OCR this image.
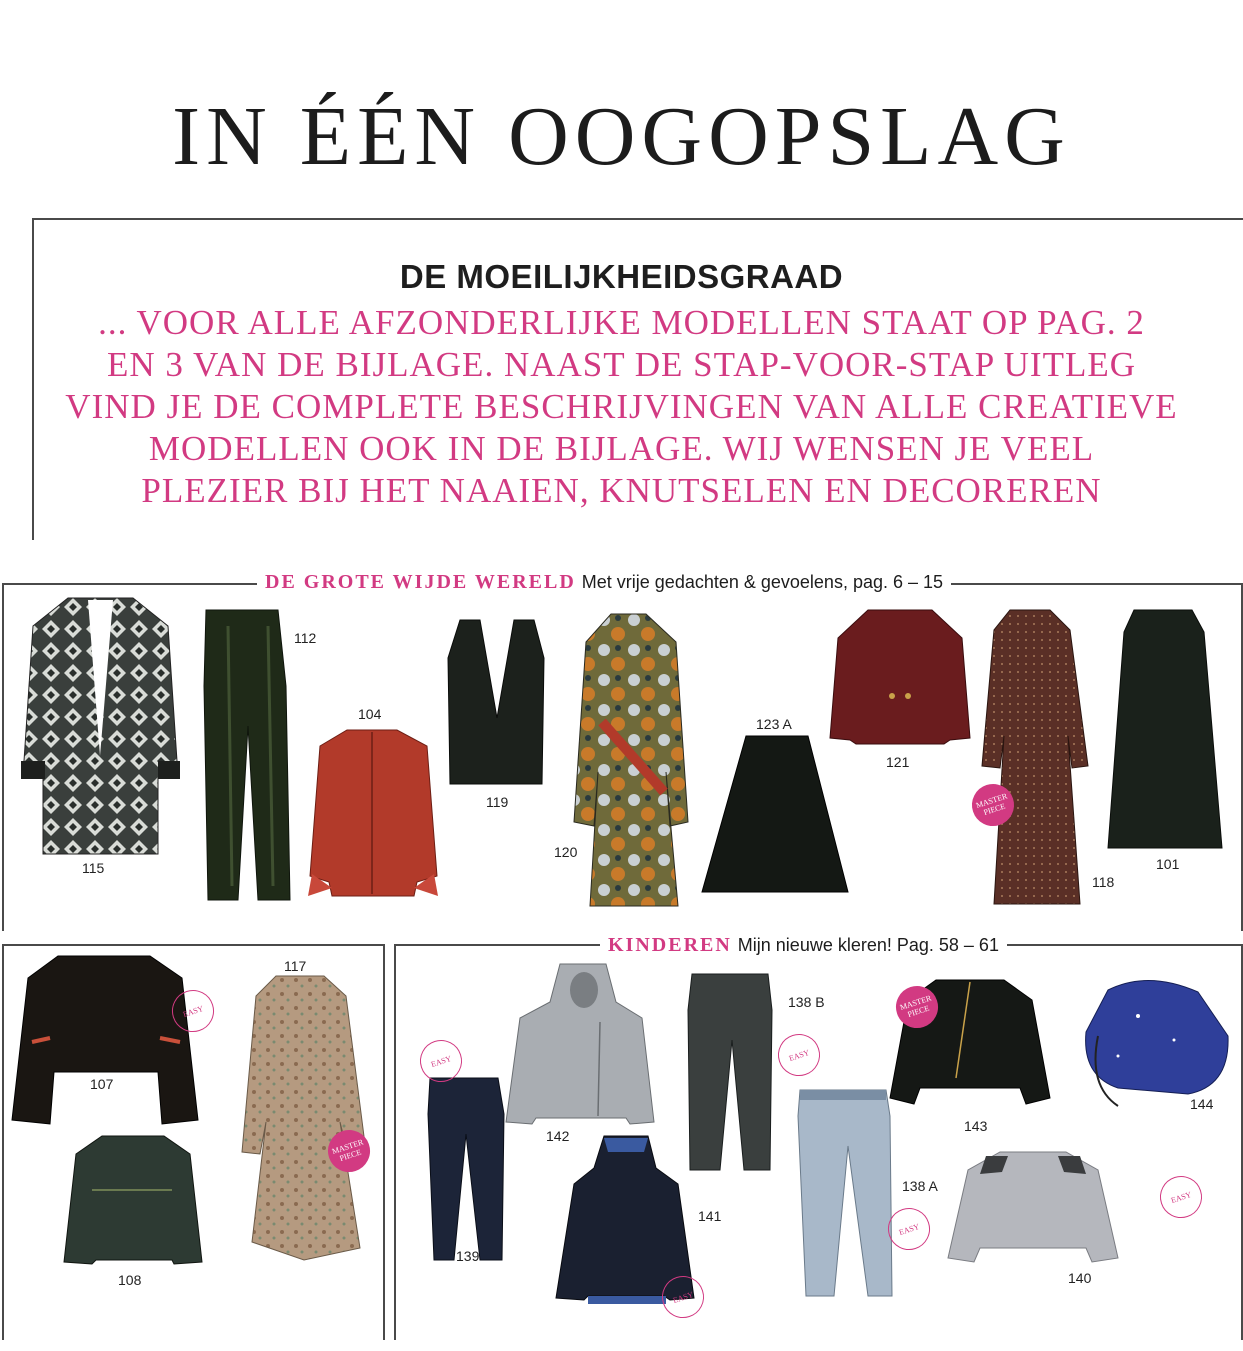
IN ÉÉN OOGOPSLAG
DE MOEILIJKHEIDSGRAAD
... VOOR ALLE AFZONDERLIJKE MODELLEN STAAT OP PAG. 2
EN 3 VAN DE BIJLAGE. NAAST DE STAP-VOOR-STAP UITLEG
VIND JE DE COMPLETE BESCHRIJVINGEN VAN ALLE CREATIEVE
MODELLEN OOK IN DE BIJLAGE. WIJ WENSEN JE VEEL
PLEZIER BIJ HET NAAIEN, KNUTSELEN EN DECOREREN
DE GROTE WIJDE WERELD Met vrije gedachten & gevoelens, pag. 6 – 15
KINDEREN Mijn nieuwe kleren! Pag. 58 – 61
115
112
104
119
120
123 A
121
118
101
MASTER PIECE
107
108
117
EASY
MASTER PIECE
139
142
141
138 B
138 A
143
144
140
EASY	EASY
MASTER PIECE
EASY
EASY
EASY
